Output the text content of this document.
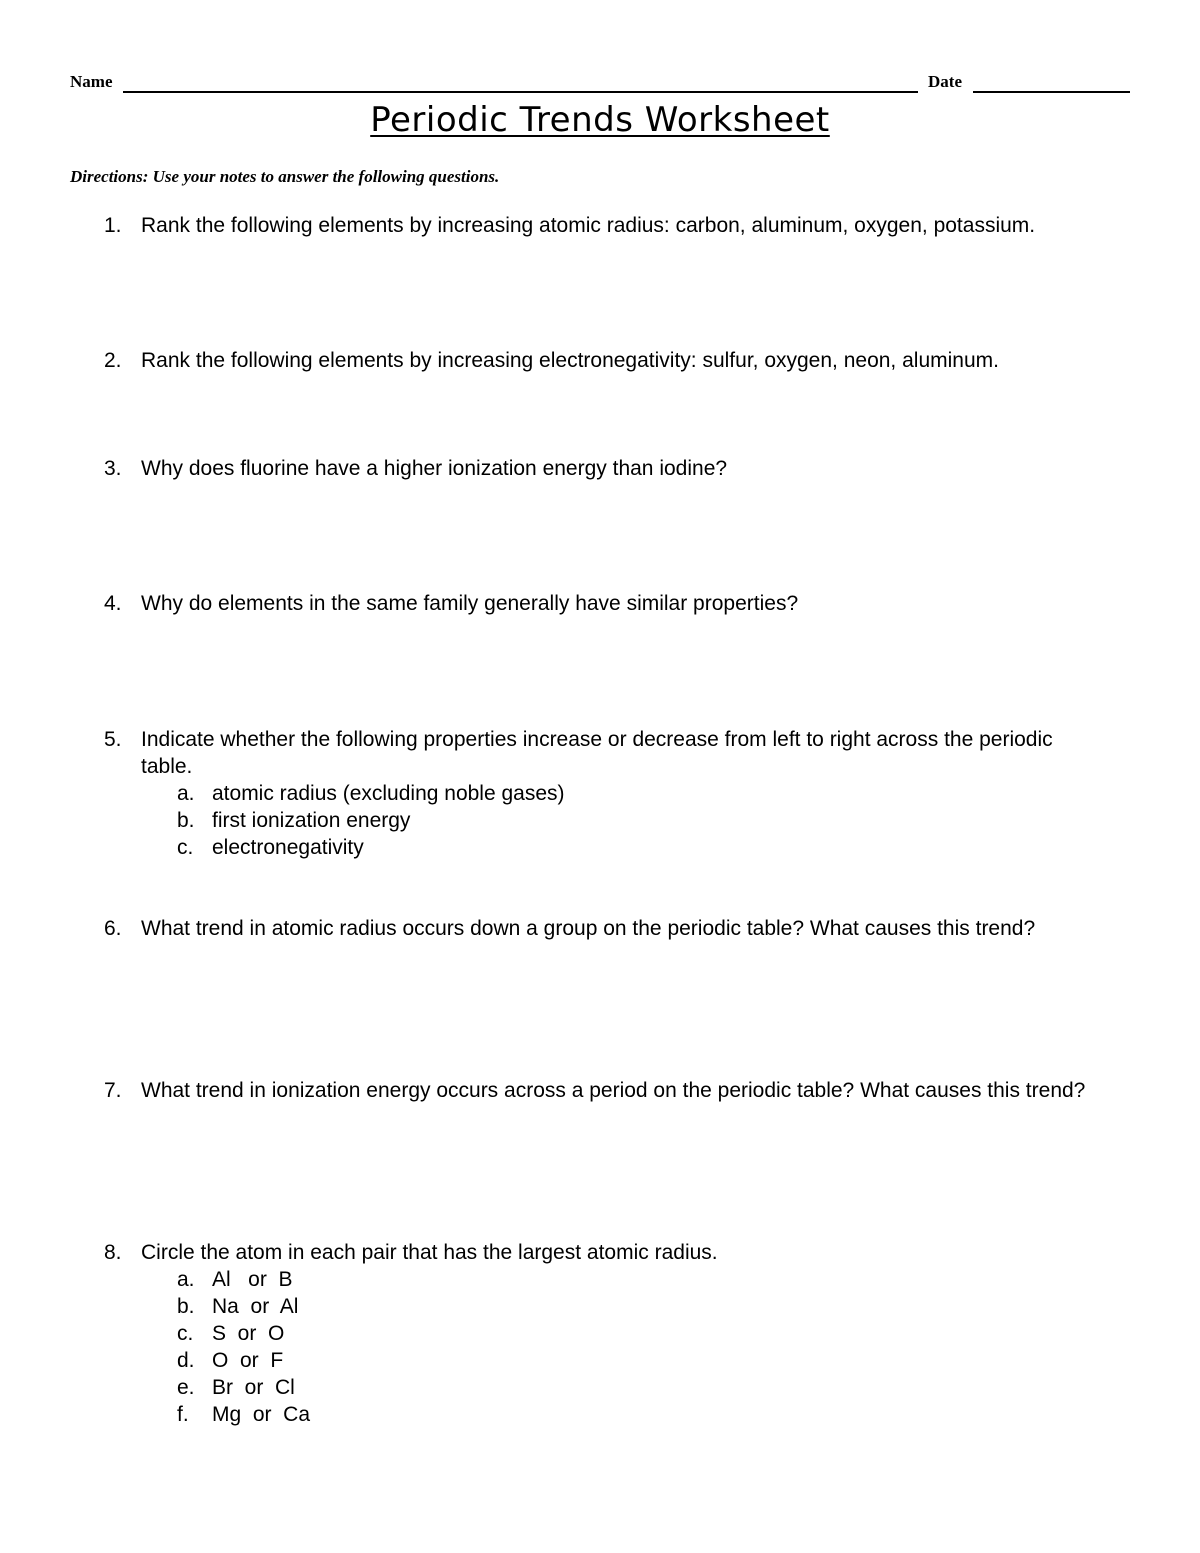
Name	Date
Periodic Trends Worksheet
Directions: Use your notes to answer the following questions.
1. Rank the following elements by increasing atomic radius: carbon, aluminum, oxygen, potassium.
2. Rank the following elements by increasing electronegativity: sulfur, oxygen, neon, aluminum.
3. Why does fluorine have a higher ionization energy than iodine?
4. Why do elements in the same family generally have similar properties?
5. Indicate whether the following properties increase or decrease from left to right across the periodic table.
a. atomic radius (excluding noble gases)
b. first ionization energy
c. electronegativity
6. What trend in atomic radius occurs down a group on the periodic table? What causes this trend?
7. What trend in ionization energy occurs across a period on the periodic table? What causes this trend?
8. Circle the atom in each pair that has the largest atomic radius.
a. Al   or  B
b. Na  or  Al
c. S  or  O
d. O  or  F
e. Br  or  Cl
f. Mg  or  Ca
